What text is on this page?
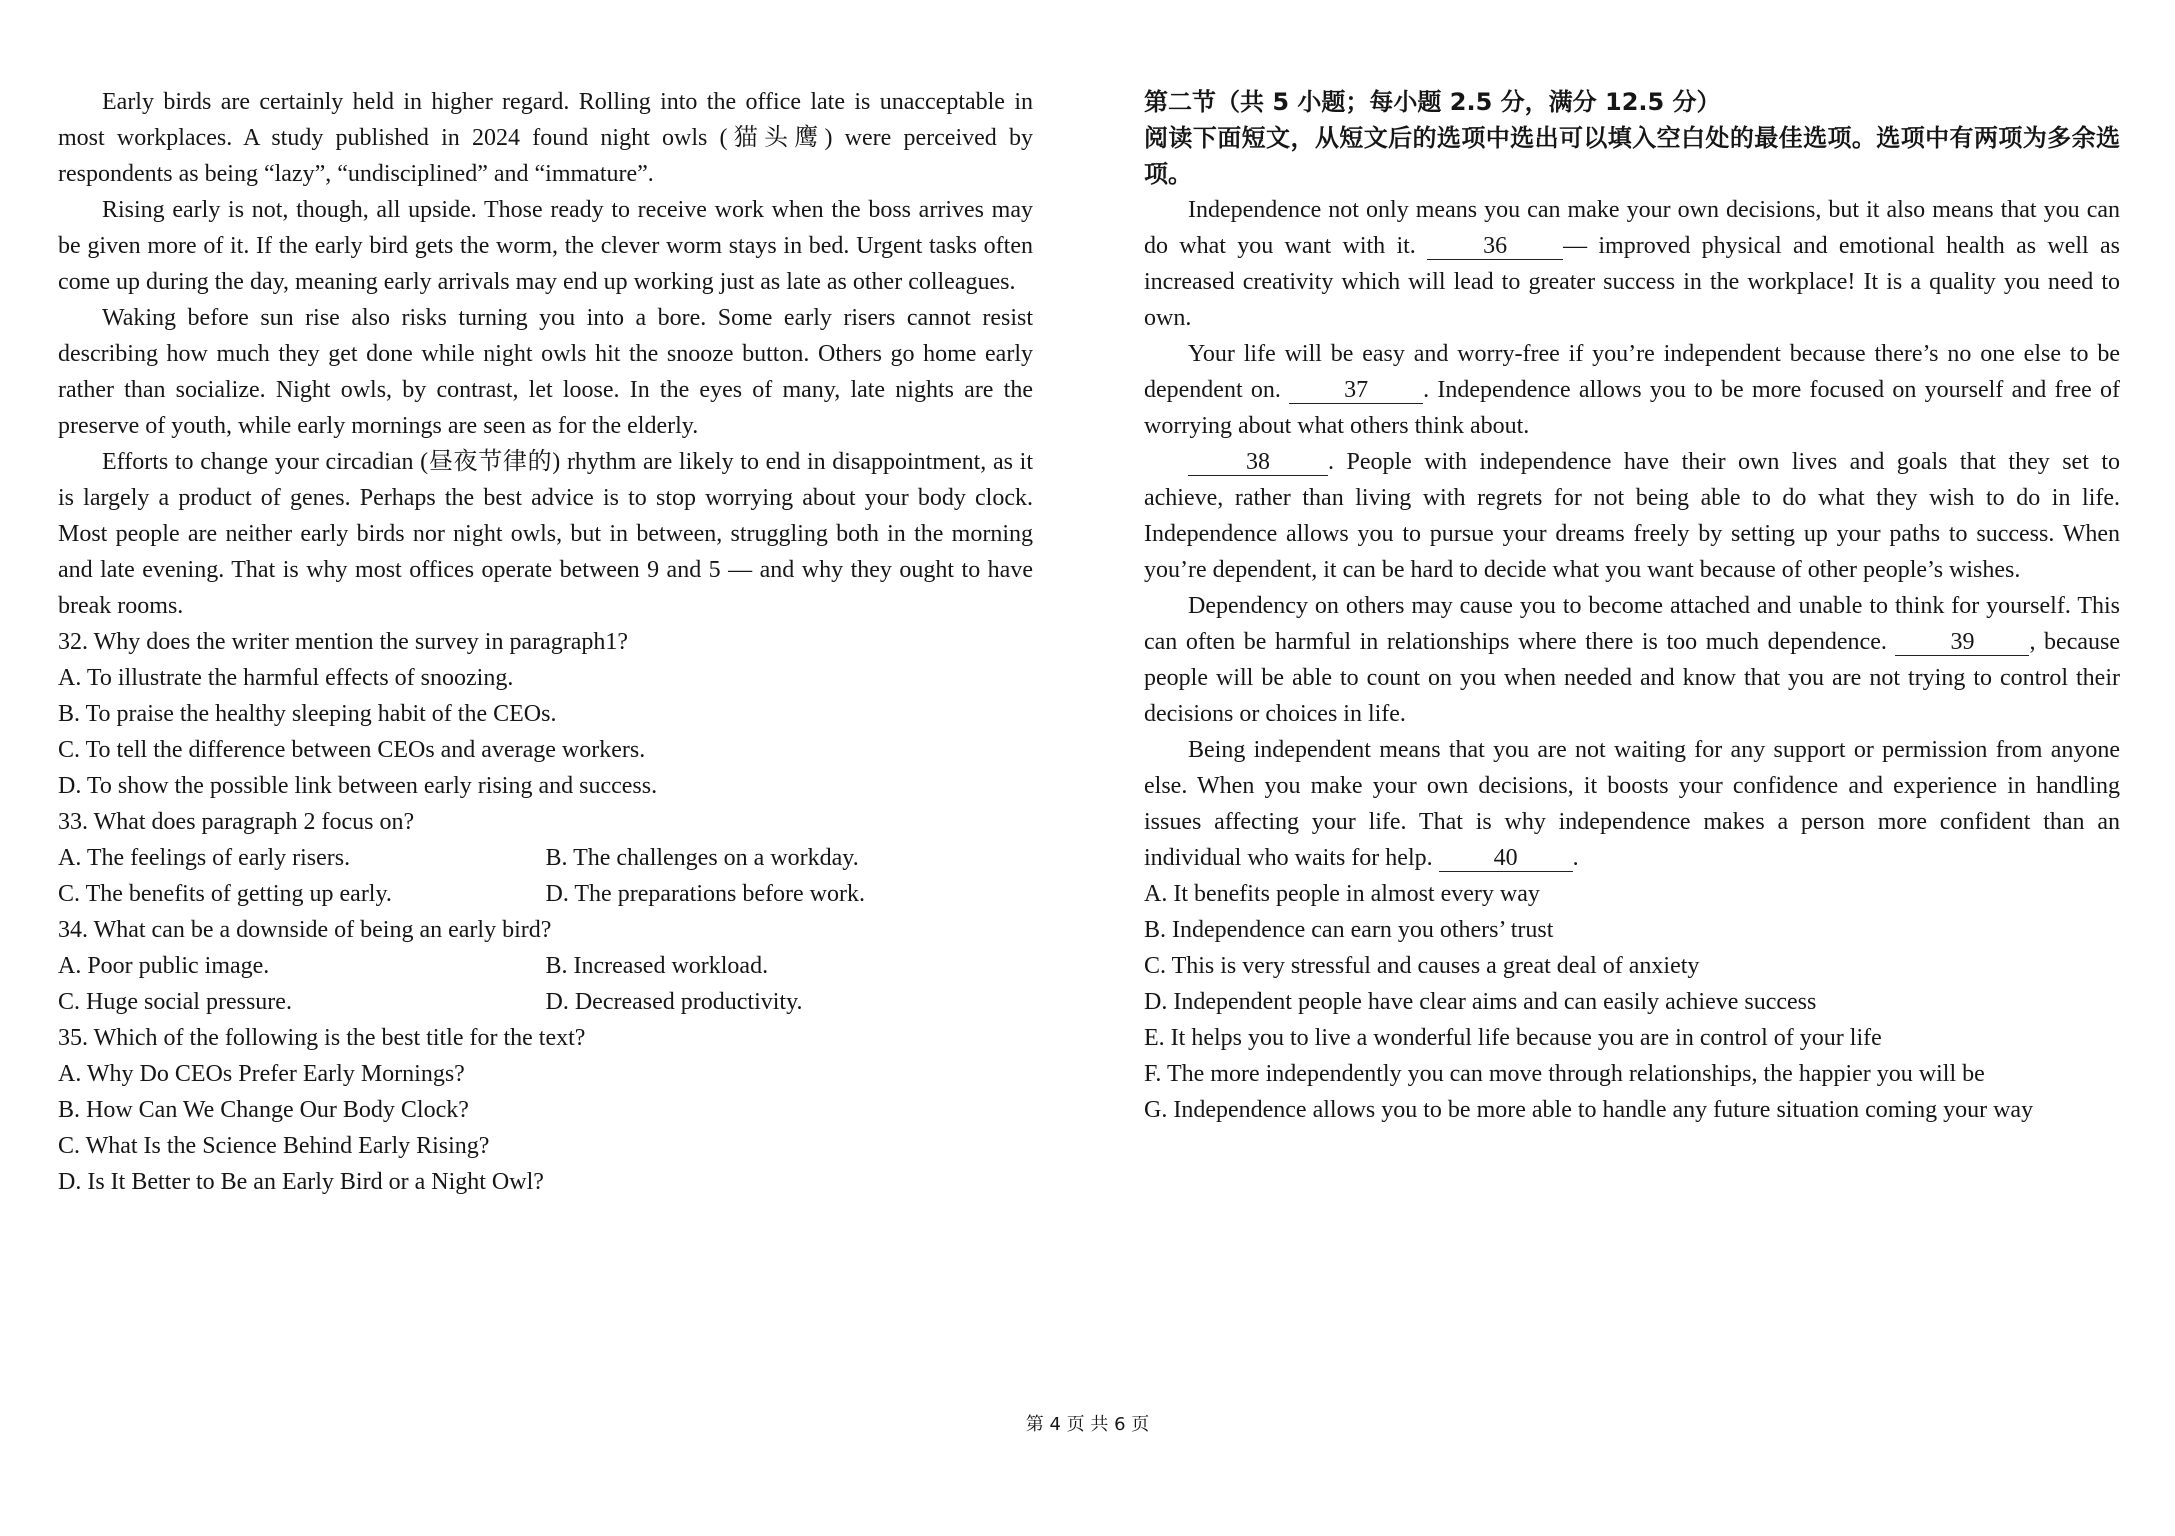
Early birds are certainly held in higher regard. Rolling into the office late is unacceptable in most workplaces. A study published in 2024 found night owls (猫头鹰) were perceived by respondents as being “lazy”, “undisciplined” and “immature”.

Rising early is not, though, all upside. Those ready to receive work when the boss arrives may be given more of it. If the early bird gets the worm, the clever worm stays in bed. Urgent tasks often come up during the day, meaning early arrivals may end up working just as late as other colleagues.

Waking before sun rise also risks turning you into a bore. Some early risers cannot resist describing how much they get done while night owls hit the snooze button. Others go home early rather than socialize. Night owls, by contrast, let loose. In the eyes of many, late nights are the preserve of youth, while early mornings are seen as for the elderly.

Efforts to change your circadian (昼夜节律的) rhythm are likely to end in disappointment, as it is largely a product of genes. Perhaps the best advice is to stop worrying about your body clock. Most people are neither early birds nor night owls, but in between, struggling both in the morning and late evening. That is why most offices operate between 9 and 5 — and why they ought to have break rooms.

32. Why does the writer mention the survey in paragraph1?
A. To illustrate the harmful effects of snoozing.
B. To praise the healthy sleeping habit of the CEOs.
C. To tell the difference between CEOs and average workers.
D. To show the possible link between early rising and success.
33. What does paragraph 2 focus on?
A. The feelings of early risers.	B. The challenges on a workday.
C. The benefits of getting up early.	D. The preparations before work.
34. What can be a downside of being an early bird?
A. Poor public image.	B. Increased workload.
C. Huge social pressure.	D. Decreased productivity.
35. Which of the following is the best title for the text?
A. Why Do CEOs Prefer Early Mornings?
B. How Can We Change Our Body Clock?
C. What Is the Science Behind Early Rising?
D. Is It Better to Be an Early Bird or a Night Owl?
第二节（共 5 小题；每小题 2.5 分，满分 12.5 分）

阅读下面短文，从短文后的选项中选出可以填入空白处的最佳选项。选项中有两项为多余选项。

Independence not only means you can make your own decisions, but it also means that you can do what you want with it.	36 — improved physical and emotional health as well as increased creativity which will lead to greater success in the workplace! It is a quality you need to own.

Your life will be easy and worry-free if you’re independent because there’s no one else to be dependent on.	37 . Independence allows you to be more focused on yourself and free of worrying about what others think about.

38 . People with independence have their own lives and goals that they set to achieve, rather than living with regrets for not being able to do what they wish to do in life. Independence allows you to pursue your dreams freely by setting up your paths to success. When you’re dependent, it can be hard to decide what you want because of other people’s wishes.

Dependency on others may cause you to become attached and unable to think for yourself. This can often be harmful in relationships where there is too much dependence.	39 , because people will be able to count on you when needed and know that you are not trying to control their decisions or choices in life.

Being independent means that you are not waiting for any support or permission from anyone else. When you make your own decisions, it boosts your confidence and experience in handling issues affecting your life. That is why independence makes a person more confident than an individual who waits for help.	40 .

A. It benefits people in almost every way
B. Independence can earn you others’ trust
C. This is very stressful and causes a great deal of anxiety
D. Independent people have clear aims and can easily achieve success
E. It helps you to live a wonderful life because you are in control of your life
F. The more independently you can move through relationships, the happier you will be
G. Independence allows you to be more able to handle any future situation coming your way
第 4 页 共 6 页
